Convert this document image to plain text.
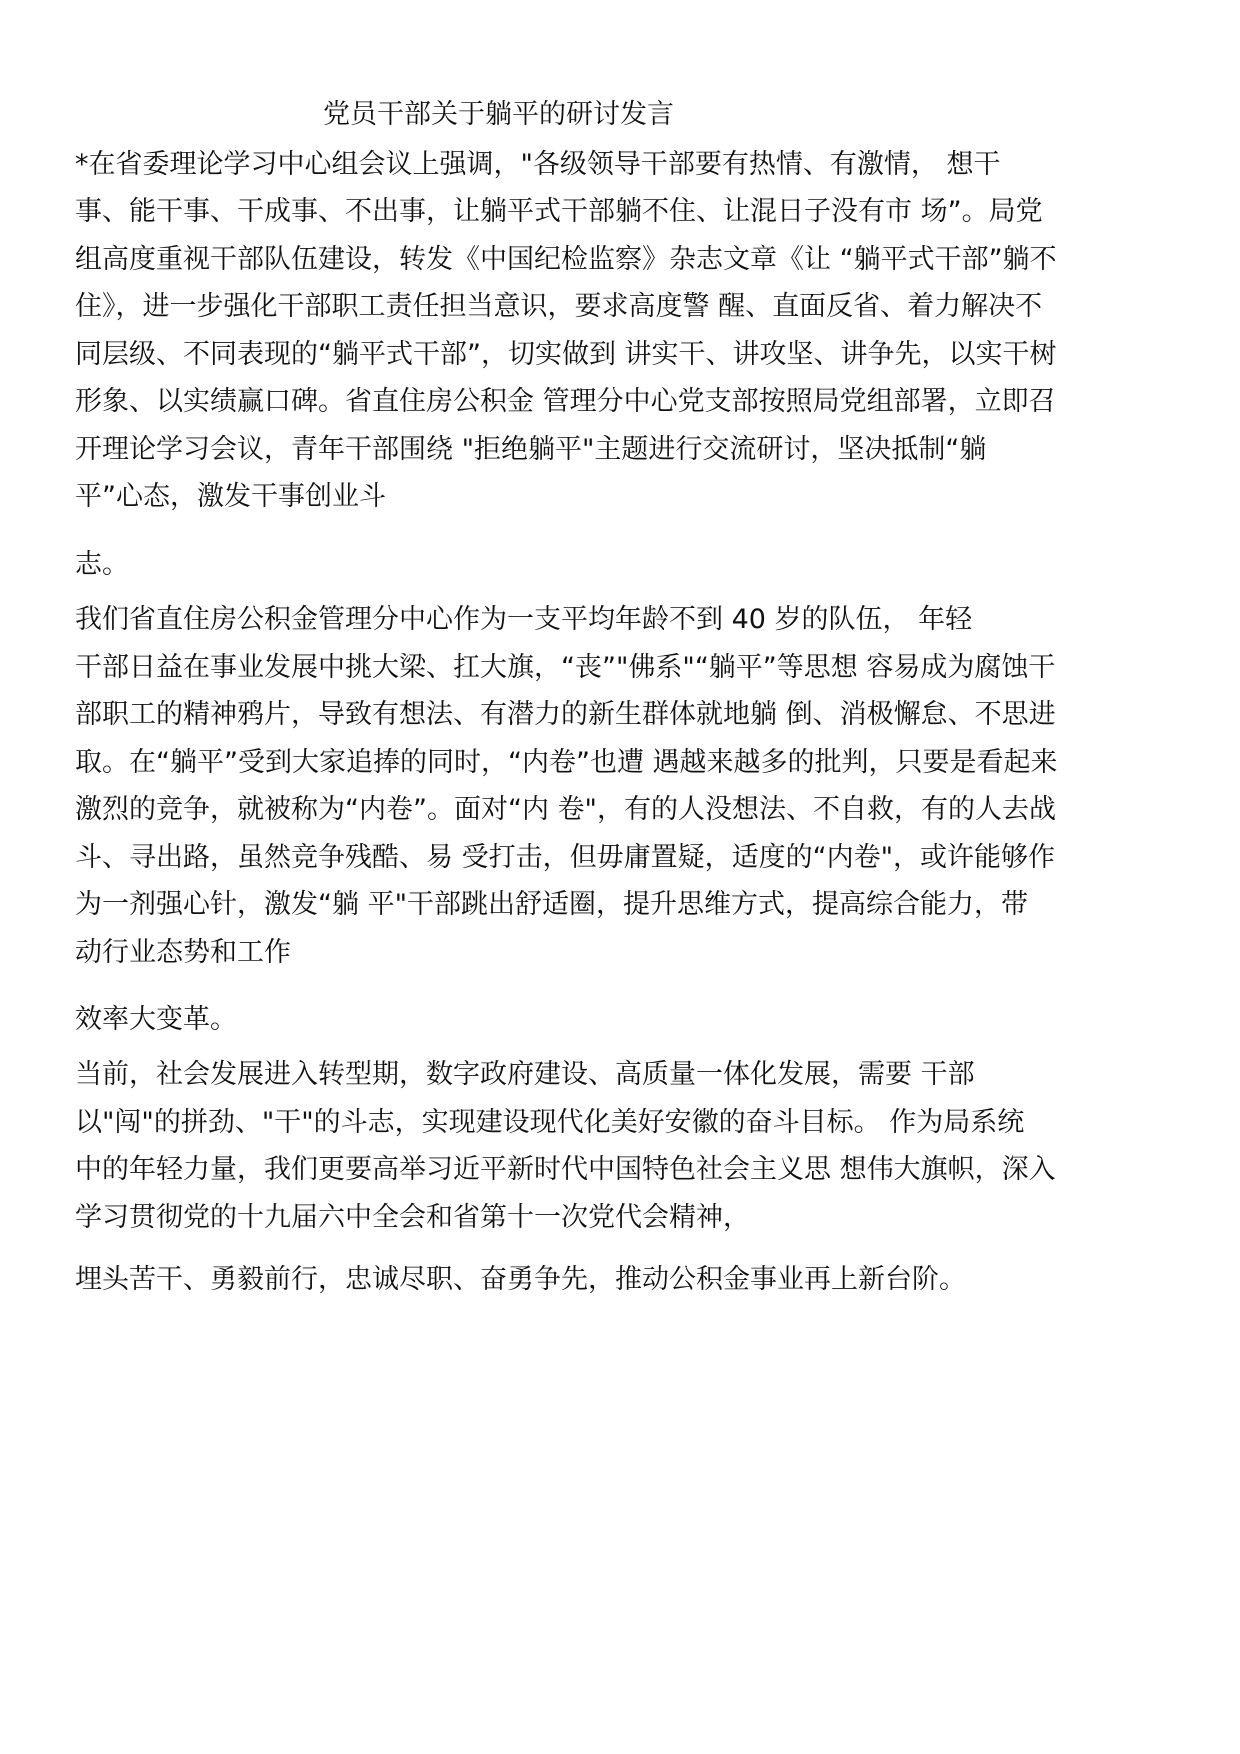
党员干部关于躺平的研讨发言
*在省委理论学习中心组会议上强调，"各级领导干部要有热情、有激情， 想干
事、能干事、干成事、不出事，让躺平式干部躺不住、让混日子没有市 场”。局党
组高度重视干部队伍建设，转发《中国纪检监察》杂志文章《让 “躺平式干部”躺不
住》，进一步强化干部职工责任担当意识，要求高度警 醒、直面反省、着力解决不
同层级、不同表现的“躺平式干部”，切实做到 讲实干、讲攻坚、讲争先，以实干树
形象、以实绩赢口碑。省直住房公积金 管理分中心党支部按照局党组部署，立即召
开理论学习会议，青年干部围绕 "拒绝躺平"主题进行交流研讨，坚决抵制“躺
平”心态，激发干事创业斗
志。
我们省直住房公积金管理分中心作为一支平均年龄不到 40 岁的队伍， 年轻
干部日益在事业发展中挑大梁、扛大旗，“丧”"佛系"“躺平”等思想 容易成为腐蚀干
部职工的精神鸦片，导致有想法、有潜力的新生群体就地躺 倒、消极懈怠、不思进
取。在“躺平”受到大家追捧的同时，“内卷”也遭 遇越来越多的批判，只要是看起来
激烈的竞争，就被称为“内卷”。面对“内 卷"，有的人没想法、不自救，有的人去战
斗、寻出路，虽然竞争残酷、易 受打击，但毋庸置疑，适度的“内卷"，或许能够作
为一剂强心针，激发“躺 平"干部跳出舒适圈，提升思维方式，提高综合能力，带
动行业态势和工作
效率大变革。
当前，社会发展进入转型期，数字政府建设、高质量一体化发展，需要 干部
以"闯"的拼劲、"干"的斗志，实现建设现代化美好安徽的奋斗目标。 作为局系统
中的年轻力量，我们更要高举习近平新时代中国特色社会主义思 想伟大旗帜，深入
学习贯彻党的十九届六中全会和省第十一次党代会精神，
埋头苦干、勇毅前行，忠诚尽职、奋勇争先，推动公积金事业再上新台阶。
